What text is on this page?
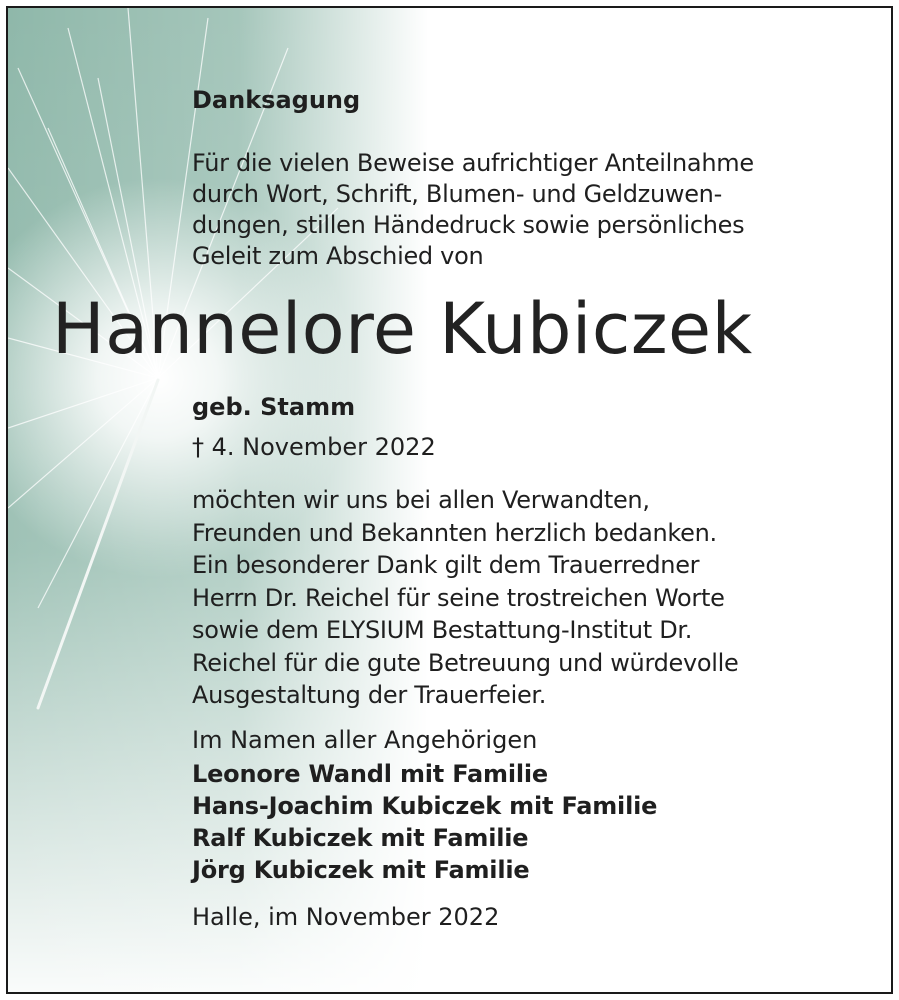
Danksagung
Für die vielen Beweise aufrichtiger Anteilnahme
durch Wort, Schrift, Blumen- und Geldzuwen-
dungen, stillen Händedruck sowie persönliches
Geleit zum Abschied von
Hannelore Kubiczek
geb. Stamm
† 4. November 2022
möchten wir uns bei allen Verwandten,
Freunden und Bekannten herzlich bedanken.
Ein besonderer Dank gilt dem Trauerredner
Herrn Dr. Reichel für seine trostreichen Worte
sowie dem ELYSIUM Bestattung-Institut Dr.
Reichel für die gute Betreuung und würdevolle
Ausgestaltung der Trauerfeier.
Im Namen aller Angehörigen
Leonore Wandl mit Familie
Hans-Joachim Kubiczek mit Familie
Ralf Kubiczek mit Familie
Jörg Kubiczek mit Familie
Halle, im November 2022
